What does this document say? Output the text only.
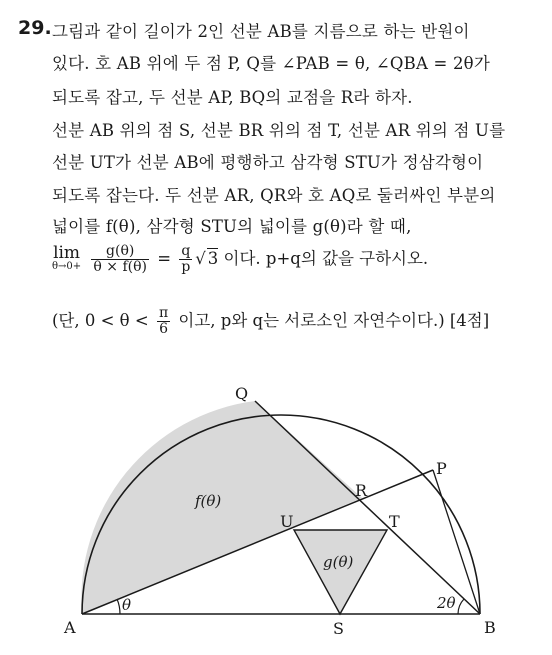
29. 그림과 같이 길이가 2인 선분 AB를 지름으로 하는 반원이
있다. 호 AB 위에 두 점 P, Q를 ∠PAB = θ, ∠QBA = 2θ가
되도록 잡고, 두 선분 AP, BQ의 교점을 R라 하자.
선분 AB 위의 점 S, 선분 BR 위의 점 T, 선분 AR 위의 점 U를
선분 UT가 선분 AB에 평행하고 삼각형 STU가 정삼각형이
되도록 잡는다. 두 선분 AR, QR와 호 AQ로 둘러싸인 부분의
넓이를 f(θ), 삼각형 STU의 넓이를 g(θ)라 할 때,
lim
θ→0+
$\frac{g(\theta)}{\theta \times f(\theta)} = \frac{q}{p}$ √ 3 이다. p+q의 값을 구하시오.
(단, $0 < \theta < \frac{\pi}{6}$ 이고, p와 q는 서로소인 자연수이다.) [4점]
A	B
P
Q
R
S
T
U
f(θ)
g(θ)
θ	2θ
